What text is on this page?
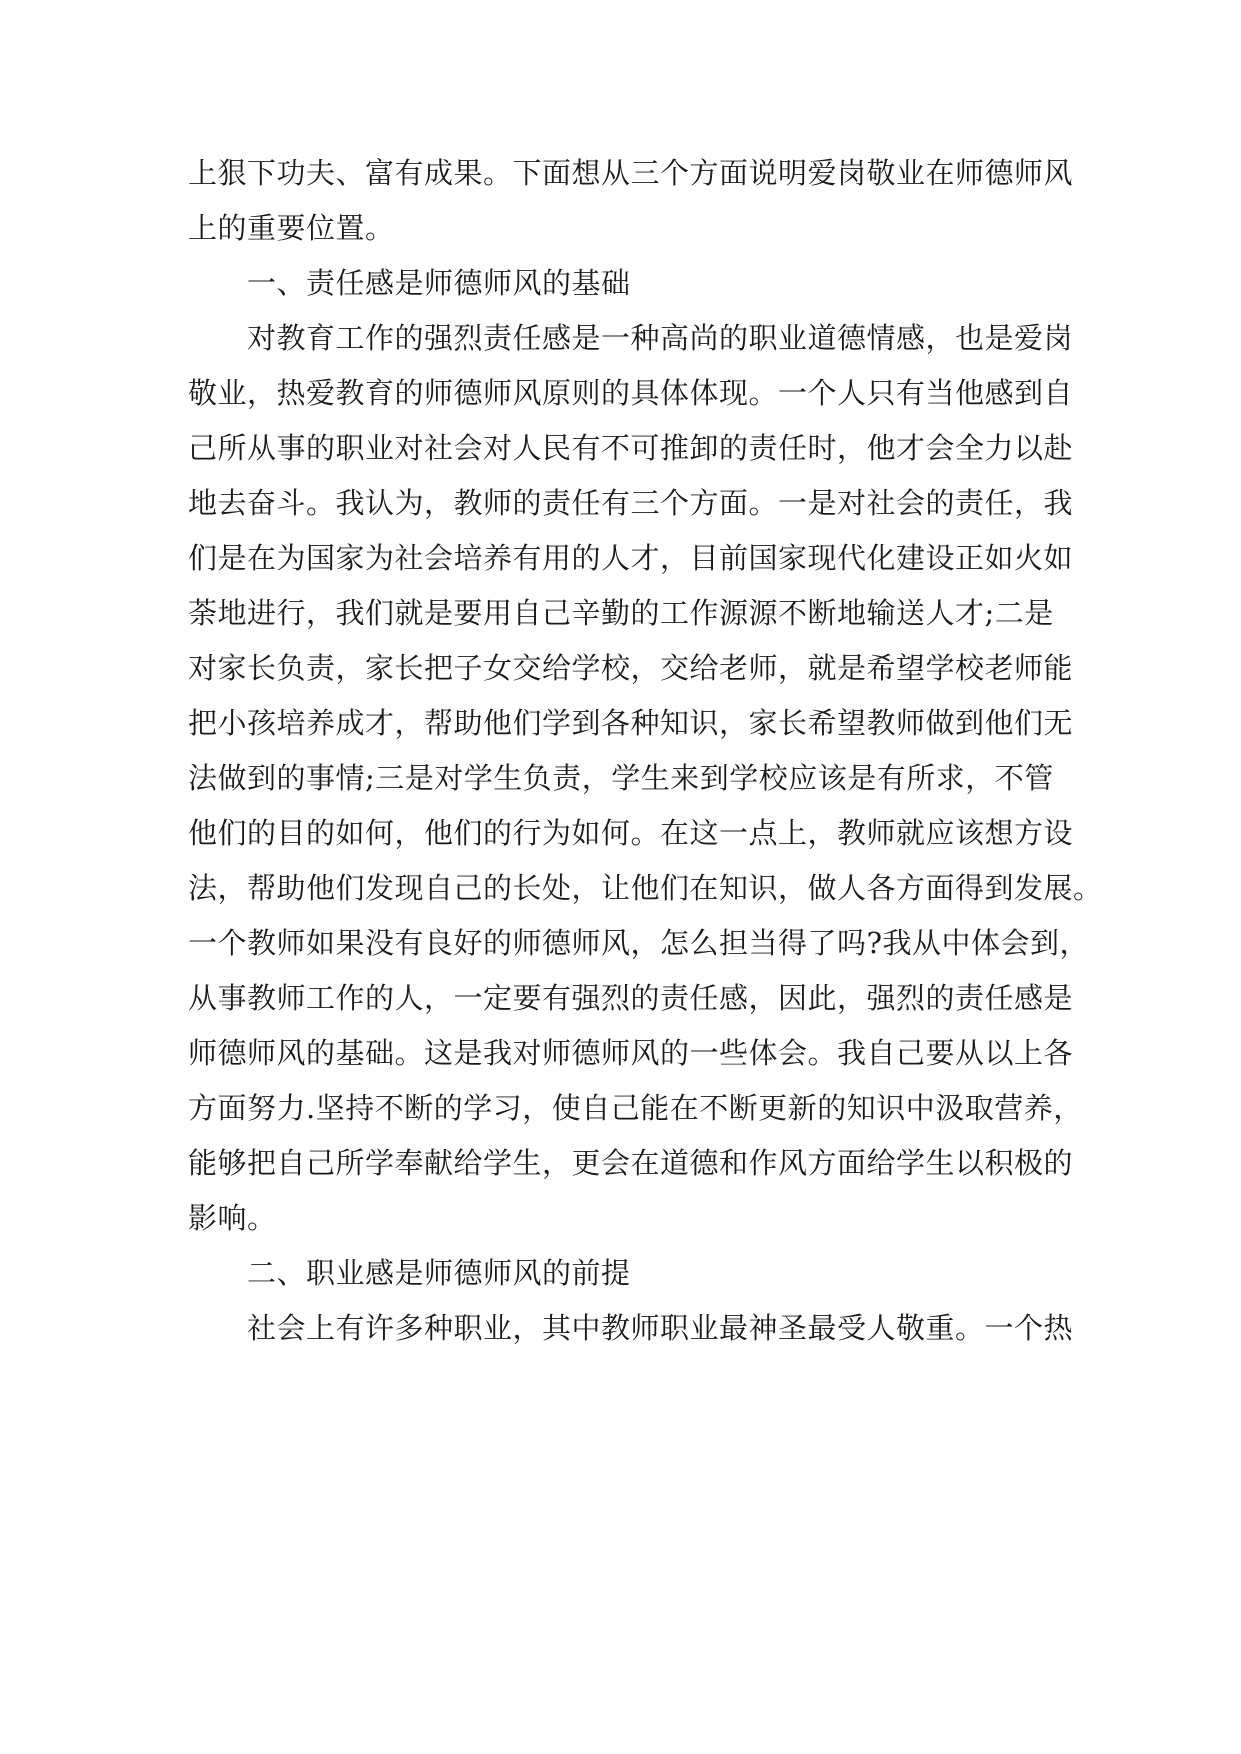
上狠下功夫、富有成果。下面想从三个方面说明爱岗敬业在师德师风
上的重要位置。
一、责任感是师德师风的基础
对教育工作的强烈责任感是一种高尚的职业道德情感，也是爱岗
敬业，热爱教育的师德师风原则的具体体现。一个人只有当他感到自
己所从事的职业对社会对人民有不可推卸的责任时，他才会全力以赴
地去奋斗。我认为，教师的责任有三个方面。一是对社会的责任，我
们是在为国家为社会培养有用的人才，目前国家现代化建设正如火如
荼地进行，我们就是要用自己辛勤的工作源源不断地输送人才;二是
对家长负责，家长把子女交给学校，交给老师，就是希望学校老师能
把小孩培养成才，帮助他们学到各种知识，家长希望教师做到他们无
法做到的事情;三是对学生负责，学生来到学校应该是有所求，不管
他们的目的如何，他们的行为如何。在这一点上，教师就应该想方设
法，帮助他们发现自己的长处，让他们在知识，做人各方面得到发展。
一个教师如果没有良好的师德师风，怎么担当得了吗?我从中体会到，
从事教师工作的人，一定要有强烈的责任感，因此，强烈的责任感是
师德师风的基础。这是我对师德师风的一些体会。我自己要从以上各
方面努力.坚持不断的学习，使自己能在不断更新的知识中汲取营养，
能够把自己所学奉献给学生，更会在道德和作风方面给学生以积极的
影响。
二、职业感是师德师风的前提
社会上有许多种职业，其中教师职业最神圣最受人敬重。一个热
